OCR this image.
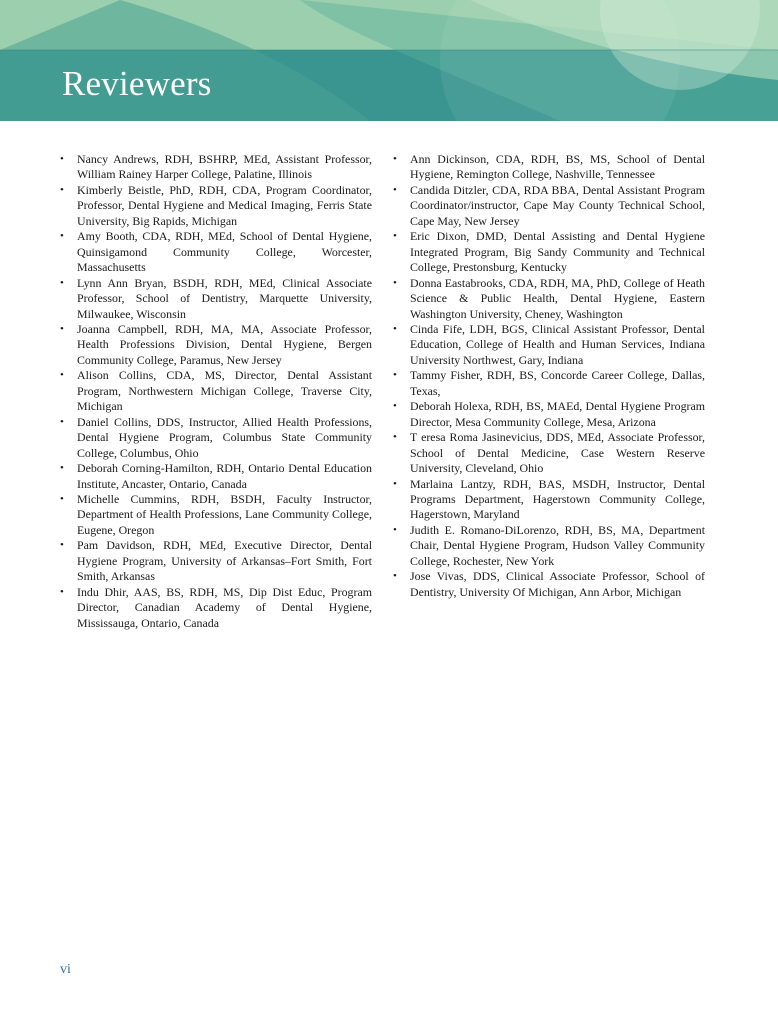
Reviewers
• Nancy Andrews, RDH, BSHRP, MEd, Assistant Professor, William Rainey Harper College, Palatine, Illinois
• Kimberly Beistle, PhD, RDH, CDA, Program Coordinator, Professor, Dental Hygiene and Medical Imaging, Ferris State University, Big Rapids, Michigan
• Amy Booth, CDA, RDH, MEd, School of Dental Hygiene, Quinsigamond Community College, Worcester, Massachusetts
• Lynn Ann Bryan, BSDH, RDH, MEd, Clinical Associate Professor, School of Dentistry, Marquette University, Milwaukee, Wisconsin
• Joanna Campbell, RDH, MA, MA, Associate Professor, Health Professions Division, Dental Hygiene, Bergen Community College, Paramus, New Jersey
• Alison Collins, CDA, MS, Director, Dental Assistant Program, Northwestern Michigan College, Traverse City, Michigan
• Daniel Collins, DDS, Instructor, Allied Health Professions, Dental Hygiene Program, Columbus State Community College, Columbus, Ohio
• Deborah Corning-Hamilton, RDH, Ontario Dental Education Institute, Ancaster, Ontario, Canada
• Michelle Cummins, RDH, BSDH, Faculty Instructor, Department of Health Professions, Lane Community College, Eugene, Oregon
• Pam Davidson, RDH, MEd, Executive Director, Dental Hygiene Program, University of Arkansas–Fort Smith, Fort Smith, Arkansas
• Indu Dhir, AAS, BS, RDH, MS, Dip Dist Educ, Program Director, Canadian Academy of Dental Hygiene, Mississauga, Ontario, Canada
• Ann Dickinson, CDA, RDH, BS, MS, School of Dental Hygiene, Remington College, Nashville, Tennessee
• Candida Ditzler, CDA, RDA BBA, Dental Assistant Program Coordinator/instructor, Cape May County Technical School, Cape May, New Jersey
• Eric Dixon, DMD, Dental Assisting and Dental Hygiene Integrated Program, Big Sandy Community and Technical College, Prestonsburg, Kentucky
• Donna Eastabrooks, CDA, RDH, MA, PhD, College of Heath Science & Public Health, Dental Hygiene, Eastern Washington University, Cheney, Washington
• Cinda Fife, LDH, BGS, Clinical Assistant Professor, Dental Education, College of Health and Human Services, Indiana University Northwest, Gary, Indiana
• Tammy Fisher, RDH, BS, Concorde Career College, Dallas, Texas,
• Deborah Holexa, RDH, BS, MAEd, Dental Hygiene Program Director, Mesa Community College, Mesa, Arizona
• T eresa Roma Jasinevicius, DDS, MEd, Associate Professor, School of Dental Medicine, Case Western Reserve University, Cleveland, Ohio
• Marlaina Lantzy, RDH, BAS, MSDH, Instructor, Dental Programs Department, Hagerstown Community College, Hagerstown, Maryland
• Judith E. Romano-DiLorenzo, RDH, BS, MA, Department Chair, Dental Hygiene Program, Hudson Valley Community College, Rochester, New York
• Jose Vivas, DDS, Clinical Associate Professor, School of Dentistry, University Of Michigan, Ann Arbor, Michigan

vi
